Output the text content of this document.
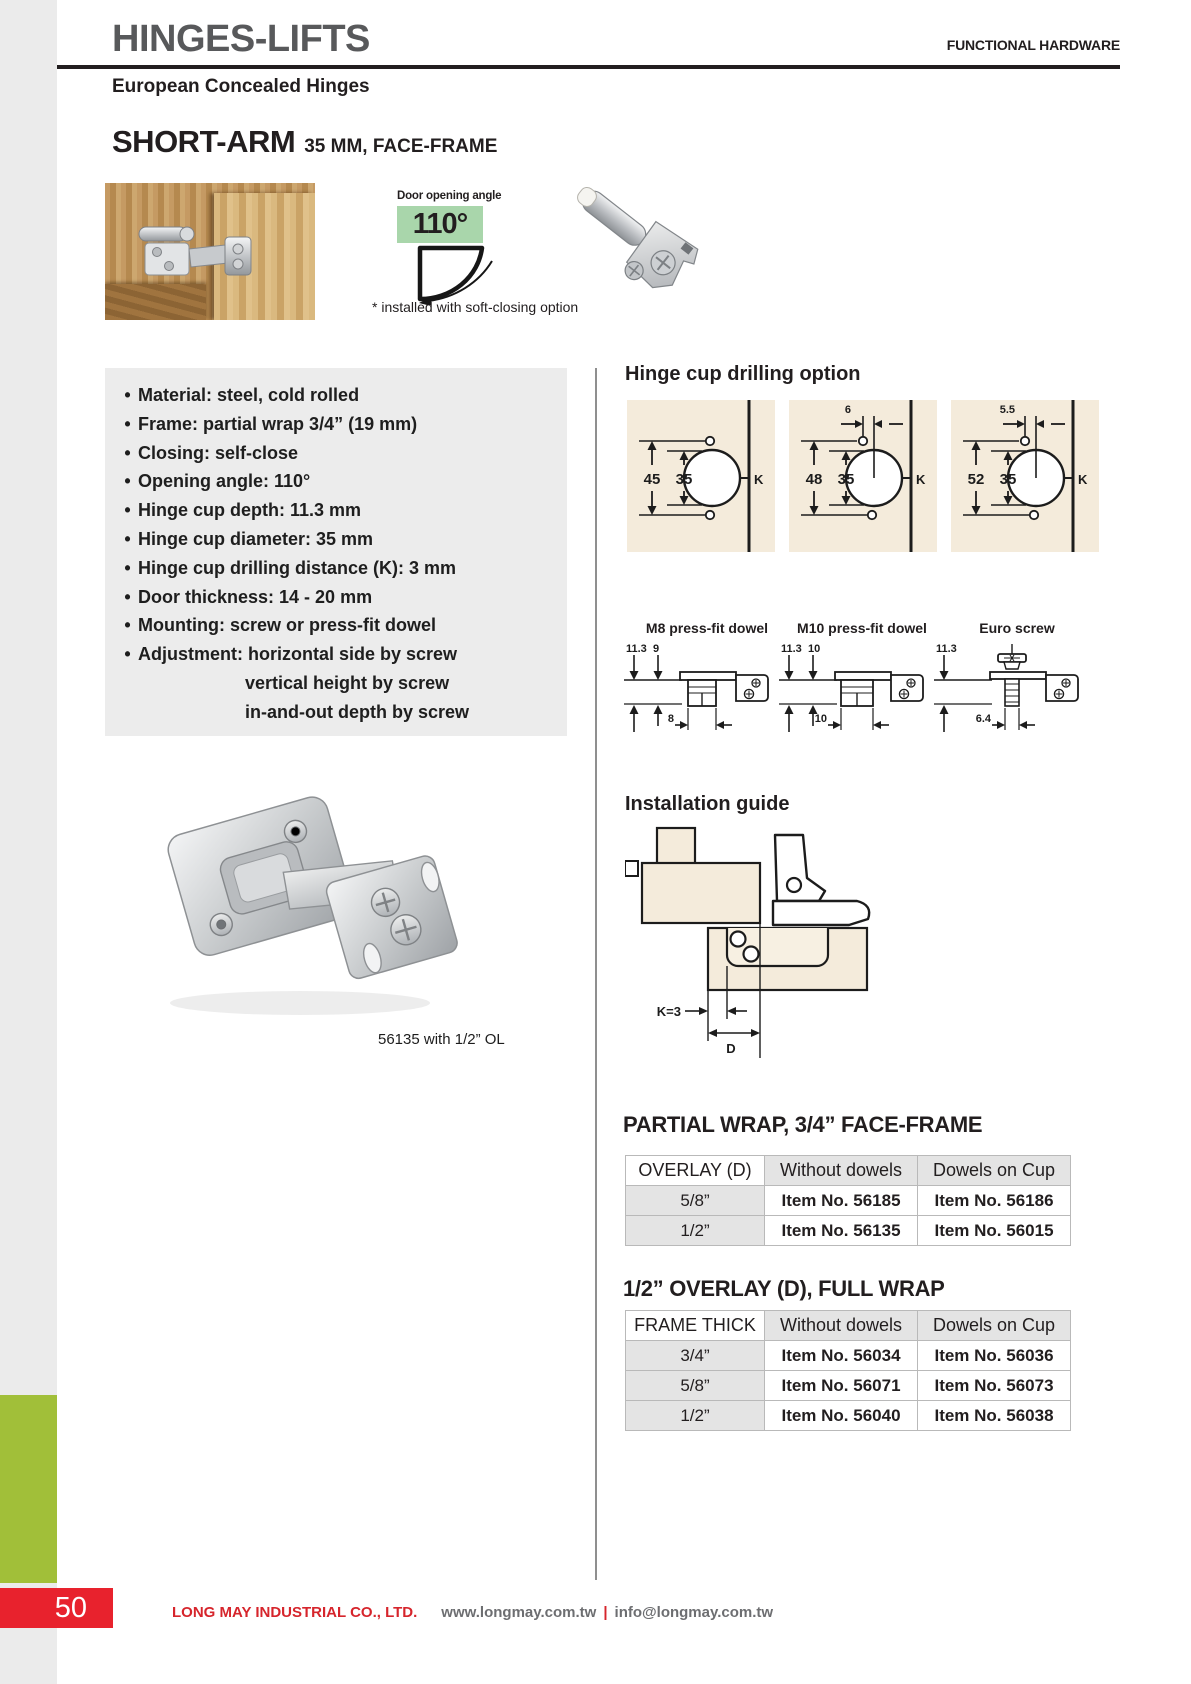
50
HINGES-LIFTS	FUNCTIONAL HARDWARE
European Concealed Hinges
SHORT-ARM 35 MM, FACE-FRAME
Door opening angle
110°
* installed with soft-closing option
• Material: steel, cold rolled
• Frame: partial wrap 3/4” (19 mm)
• Closing: self-close
• Opening angle: 110°
• Hinge cup depth: 11.3 mm
• Hinge cup diameter: 35 mm
• Hinge cup drilling distance (K): 3 mm
• Door thickness: 14 - 20 mm
• Mounting: screw or press-fit dowel
• Adjustment: horizontal side by screw
vertical height by screw
in-and-out depth by screw
Hinge cup drilling option
45 35	K
6
48 35	K
5.5
52 35	K
M8 press-fit dowel	M10 press-fit dowel	Euro screw
11.3 9
8
11.3 10
10
11.3
6.4
Installation guide
K=3
D
56135 with 1/2” OL
PARTIAL WRAP, 3/4” FACE-FRAME
OVERLAY (D)	Without dowels	Dowels on Cup
5/8”	Item No. 56185	Item No. 56186
1/2”	Item No. 56135	Item No. 56015
1/2” OVERLAY (D), FULL WRAP
FRAME THICK	Without dowels	Dowels on Cup
3/4”	Item No. 56034	Item No. 56036
5/8”	Item No. 56071	Item No. 56073
1/2”	Item No. 56040	Item No. 56038
LONG MAY INDUSTRIAL CO., LTD. www.longmay.com.tw | info@longmay.com.tw
